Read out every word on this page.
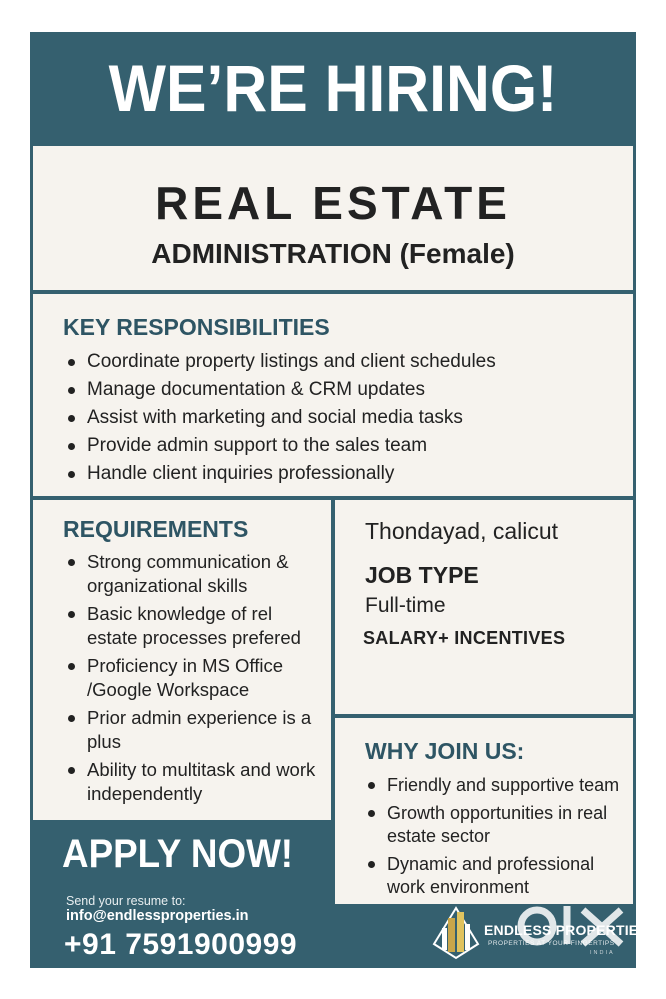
WE’RE HIRING!
REAL ESTATE
ADMINISTRATION (Female)
KEY RESPONSIBILITIES
Coordinate property listings and client schedules
Manage documentation & CRM updates
Assist with marketing and social media tasks
Provide admin support to the sales team
Handle client inquiries professionally
REQUIREMENTS
Strong communication & organizational skills
Basic knowledge of rel estate processes prefered
Proficiency in MS Office /Google Workspace
Prior admin experience is a plus
Ability to multitask and work independently
Thondayad, calicut
JOB TYPE
Full-time
SALARY+ INCENTIVES
WHY JOIN US:
Friendly and supportive team
Growth opportunities in real estate sector
Dynamic and professional work environment
APPLY NOW!
Send your resume to:
info@endlessproperties.in
+91 7591900999	ENDLESS PROPERTIES
PROPERTIES AT YOUR FINGERTIPS
INDIA
